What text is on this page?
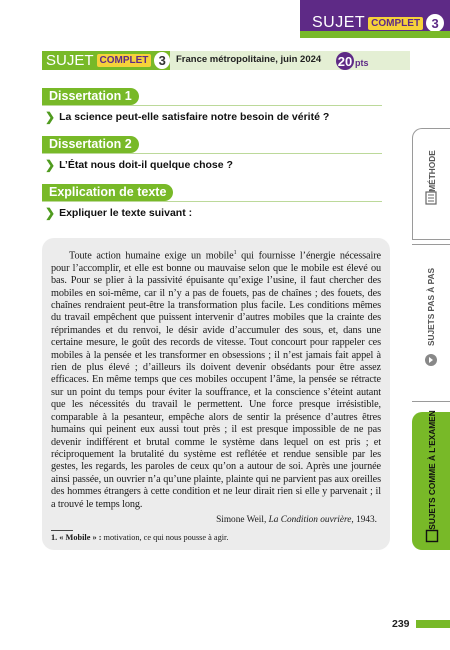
SUJET COMPLET 3
SUJET COMPLET 3	France métropolitaine, juin 2024 20 pts
Dissertation 1
❯ La science peut-elle satisfaire notre besoin de vérité ?
Dissertation 2
❯ L’État nous doit-il quelque chose ?
Explication de texte
❯ Expliquer le texte suivant :

Toute action humaine exige un mobile$^1$ qui fournisse l’énergie nécessaire pour l’accomplir, et elle est bonne ou mauvaise selon que le mobile est élevé ou bas. Pour se plier à la passivité épuisante qu’exige l’usine, il faut chercher des mobiles en soi-même, car il n’y a pas de fouets, pas de chaînes ; des fouets, des chaînes rendraient peut-être la transformation plus facile. Les conditions mêmes du travail empêchent que puissent intervenir d’autres mobiles que la crainte des réprimandes et du renvoi, le désir avide d’accumuler des sous, et, dans une certaine mesure, le goût des records de vitesse. Tout concourt pour rappeler ces mobiles à la pensée et les transformer en obsessions ; il n’est jamais fait appel à rien de plus élevé ; d’ailleurs ils doivent devenir obsédants pour être assez efficaces. En même temps que ces mobiles occupent l’âme, la pensée se rétracte sur un point du temps pour éviter la souffrance, et la conscience s’éteint autant que les nécessités du travail le permettent. Une force presque irrésistible, comparable à la pesanteur, empêche alors de sentir la présence d’autres êtres humains qui peinent eux aussi tout près ; il est presque impossible de ne pas devenir indifférent et brutal comme le système dans lequel on est pris ; et réciproquement la brutalité du système est reflétée et rendue sensible par les gestes, les regards, les paroles de ceux qu’on a autour de soi. Après une journée ainsi passée, un ouvrier n’a qu’une plainte, plainte qui ne parvient pas aux oreilles des hommes étrangers à cette condition et ne leur dirait rien si elle y parvenait ; il a trouvé le temps long.

Simone Weil, La Condition ouvrière, 1943.
1. « Mobile » : motivation, ce qui nous pousse à agir.
MÉTHODE
SUJETS PAS À PAS
SUJETS COMME À L’EXAMEN
239
